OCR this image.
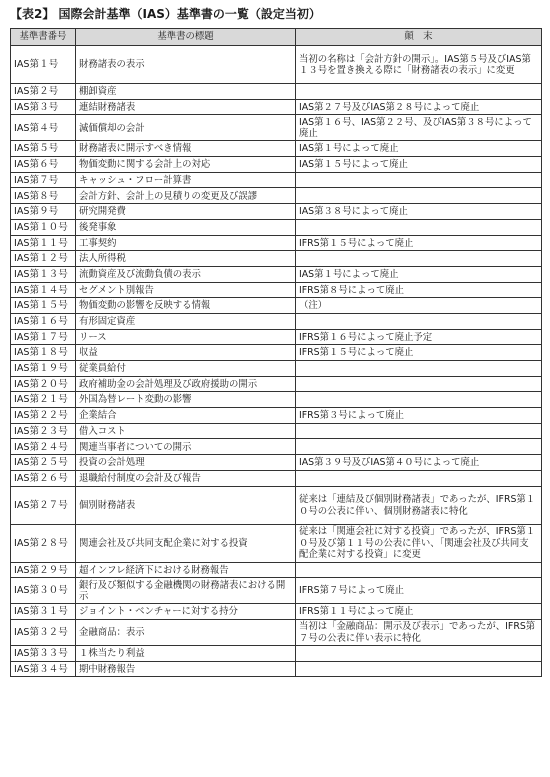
【表2】 国際会計基準（IAS）基準書の一覧（設定当初）
基準書番号	基準書の標題	顛　末
IAS第１号	財務諸表の表示	当初の名称は「会計方針の開示」。IAS第５号及びIAS第１３号を置き換える際に「財務諸表の表示」に変更
IAS第２号	棚卸資産	
IAS第３号	連結財務諸表	IAS第２７号及びIAS第２８号によって廃止
IAS第４号	減価償却の会計	IAS第１６号、IAS第２２号、及びIAS第３８号によって廃止
IAS第５号	財務諸表に開示すべき情報	IAS第１号によって廃止
IAS第６号	物価変動に関する会計上の対応	IAS第１５号によって廃止
IAS第７号	キャッシュ・フロー計算書	
IAS第８号	会計方針、会計上の見積りの変更及び誤謬	
IAS第９号	研究開発費	IAS第３８号によって廃止
IAS第１０号	後発事象	
IAS第１１号	工事契約	IFRS第１５号によって廃止
IAS第１２号	法人所得税	
IAS第１３号	流動資産及び流動負債の表示	IAS第１号によって廃止
IAS第１４号	セグメント別報告	IFRS第８号によって廃止
IAS第１５号	物価変動の影響を反映する情報	（注）
IAS第１６号	有形固定資産	
IAS第１７号	リース	IFRS第１６号によって廃止予定
IAS第１８号	収益	IFRS第１５号によって廃止
IAS第１９号	従業員給付	
IAS第２０号	政府補助金の会計処理及び政府援助の開示	
IAS第２１号	外国為替レート変動の影響	
IAS第２２号	企業結合	IFRS第３号によって廃止
IAS第２３号	借入コスト	
IAS第２４号	関連当事者についての開示	
IAS第２５号	投資の会計処理	IAS第３９号及びIAS第４０号によって廃止
IAS第２６号	退職給付制度の会計及び報告	
IAS第２７号	個別財務諸表	従来は「連結及び個別財務諸表」であったが、IFRS第１０号の公表に伴い、個別財務諸表に特化
IAS第２８号	関連会社及び共同支配企業に対する投資	従来は「関連会社に対する投資」であったが、IFRS第１０号及び第１１号の公表に伴い、「関連会社及び共同支配企業に対する投資」に変更
IAS第２９号	超インフレ経済下における財務報告	
IAS第３０号	銀行及び類似する金融機関の財務諸表における開示	IFRS第７号によって廃止
IAS第３１号	ジョイント・ベンチャーに対する持分	IFRS第１１号によって廃止
IAS第３２号	金融商品：表示	当初は「金融商品：開示及び表示」であったが、IFRS第７号の公表に伴い表示に特化
IAS第３３号	１株当たり利益	
IAS第３４号	期中財務報告	
